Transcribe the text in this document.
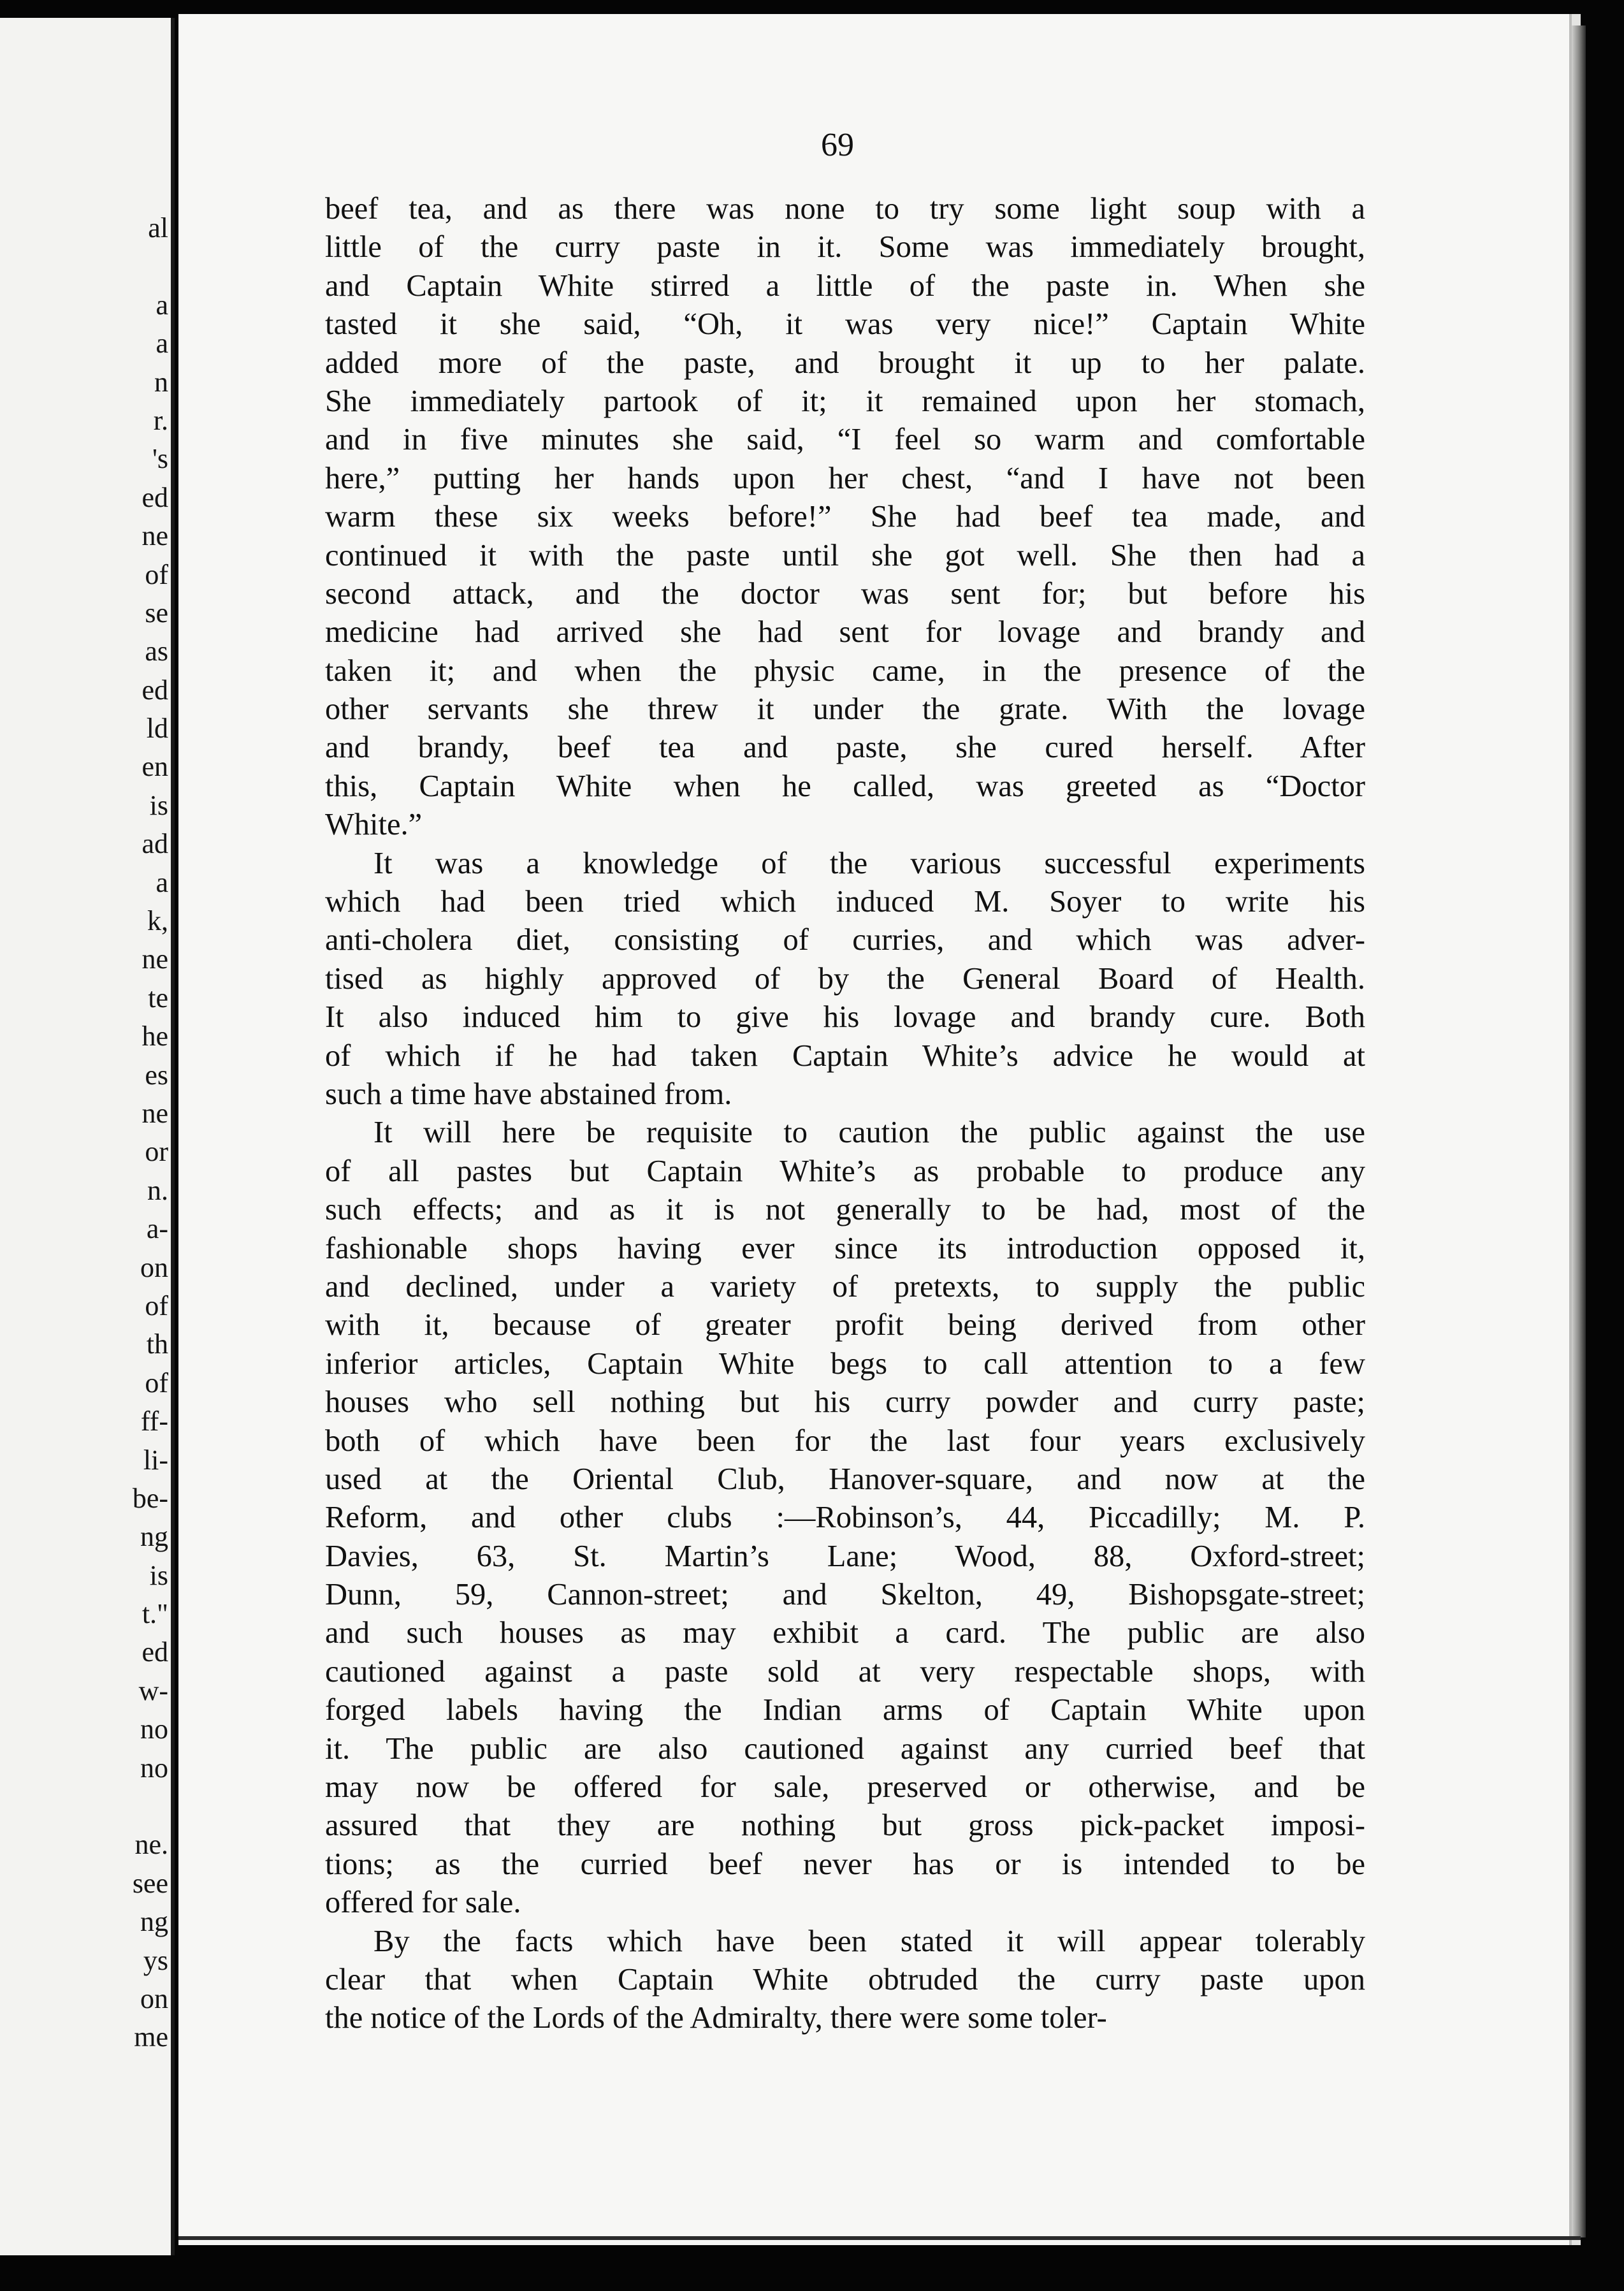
al
a
a
n
r.
's
ed
ne
of
se
as
ed
ld
en
is
ad
a
k,
ne
te
he
es
ne
or
n.
a-
on
of
th
of
ff-
li-
be-
ng
is
t."
ed
w-
no
no
ne.
see
ng
ys
on
me
69
beef tea, and as there was none to try some light soup with a
little of the curry paste in it. Some was immediately brought,
and Captain White stirred a little of the paste in. When she
tasted it she said, “Oh, it was very nice!” Captain White
added more of the paste, and brought it up to her palate.
She immediately partook of it; it remained upon her stomach,
and in five minutes she said, “I feel so warm and comfortable
here,” putting her hands upon her chest, “and I have not been
warm these six weeks before!” She had beef tea made, and
continued it with the paste until she got well. She then had a
second attack, and the doctor was sent for; but before his
medicine had arrived she had sent for lovage and brandy and
taken it; and when the physic came, in the presence of the
other servants she threw it under the grate. With the lovage
and brandy, beef tea and paste, she cured herself. After
this, Captain White when he called, was greeted as “Doctor
White.”
It was a knowledge of the various successful experiments
which had been tried which induced M. Soyer to write his
anti-cholera diet, consisting of curries, and which was adver-
tised as highly approved of by the General Board of Health.
It also induced him to give his lovage and brandy cure. Both
of which if he had taken Captain White’s advice he would at
such a time have abstained from.
It will here be requisite to caution the public against the use
of all pastes but Captain White’s as probable to produce any
such effects; and as it is not generally to be had, most of the
fashionable shops having ever since its introduction opposed it,
and declined, under a variety of pretexts, to supply the public
with it, because of greater profit being derived from other
inferior articles, Captain White begs to call attention to a few
houses who sell nothing but his curry powder and curry paste;
both of which have been for the last four years exclusively
used at the Oriental Club, Hanover-square, and now at the
Reform, and other clubs :—Robinson’s, 44, Piccadilly; M. P.
Davies, 63, St. Martin’s Lane; Wood, 88, Oxford-street;
Dunn, 59, Cannon-street; and Skelton, 49, Bishopsgate-street;
and such houses as may exhibit a card. The public are also
cautioned against a paste sold at very respectable shops, with
forged labels having the Indian arms of Captain White upon
it. The public are also cautioned against any curried beef that
may now be offered for sale, preserved or otherwise, and be
assured that they are nothing but gross pick-packet imposi-
tions; as the curried beef never has or is intended to be
offered for sale.
By the facts which have been stated it will appear tolerably
clear that when Captain White obtruded the curry paste upon
the notice of the Lords of the Admiralty, there were some toler-
